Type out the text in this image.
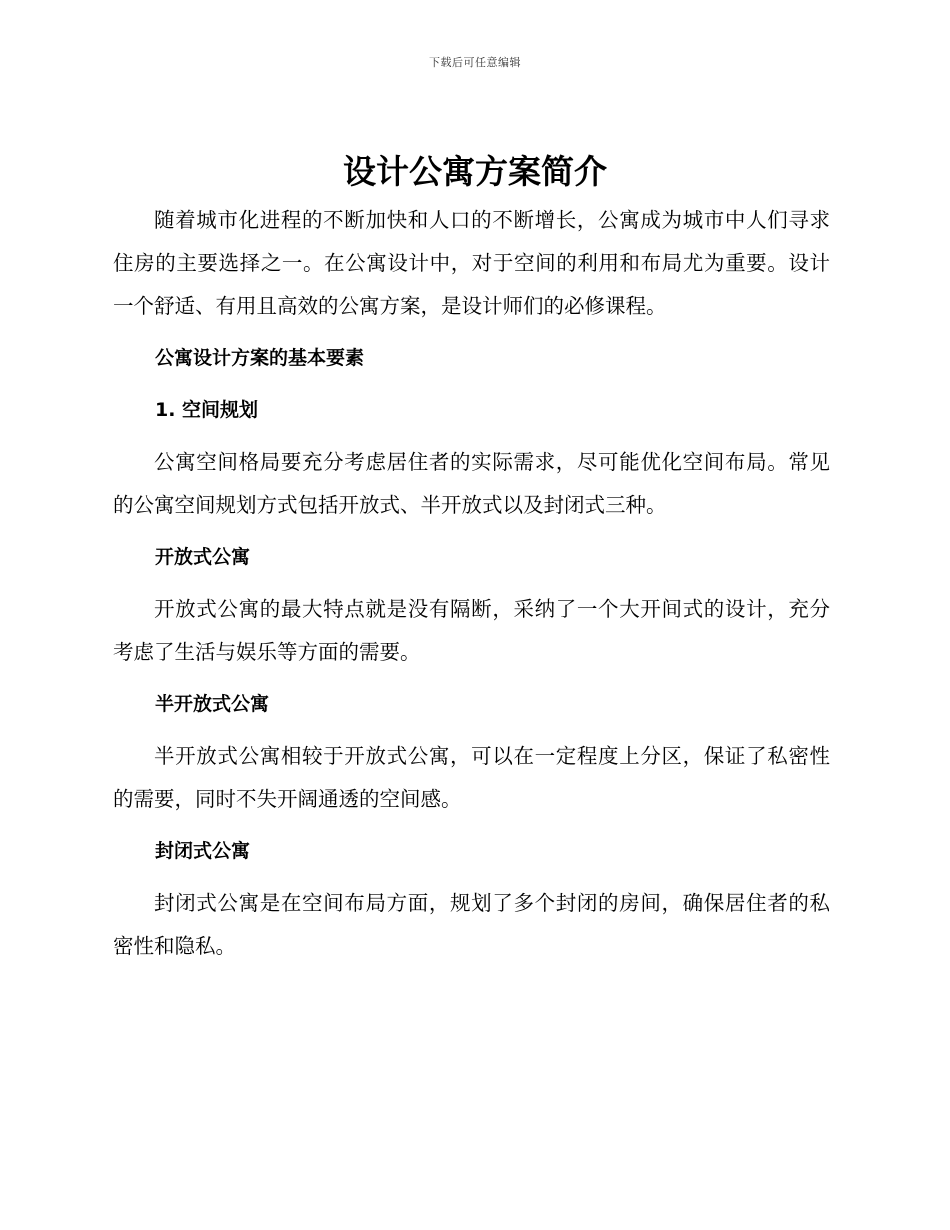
下载后可任意编辑
设计公寓方案简介

随着城市化进程的不断加快和人口的不断增长，公寓成为城市中人们寻求住房的主要选择之一。在公寓设计中，对于空间的利用和布局尤为重要。设计一个舒适、有用且高效的公寓方案，是设计师们的必修课程。

公寓设计方案的基本要素

1. 空间规划

公寓空间格局要充分考虑居住者的实际需求，尽可能优化空间布局。常见的公寓空间规划方式包括开放式、半开放式以及封闭式三种。

开放式公寓

开放式公寓的最大特点就是没有隔断，采纳了一个大开间式的设计，充分考虑了生活与娱乐等方面的需要。

半开放式公寓

半开放式公寓相较于开放式公寓，可以在一定程度上分区，保证了私密性的需要，同时不失开阔通透的空间感。

封闭式公寓

封闭式公寓是在空间布局方面，规划了多个封闭的房间，确保居住者的私密性和隐私。
